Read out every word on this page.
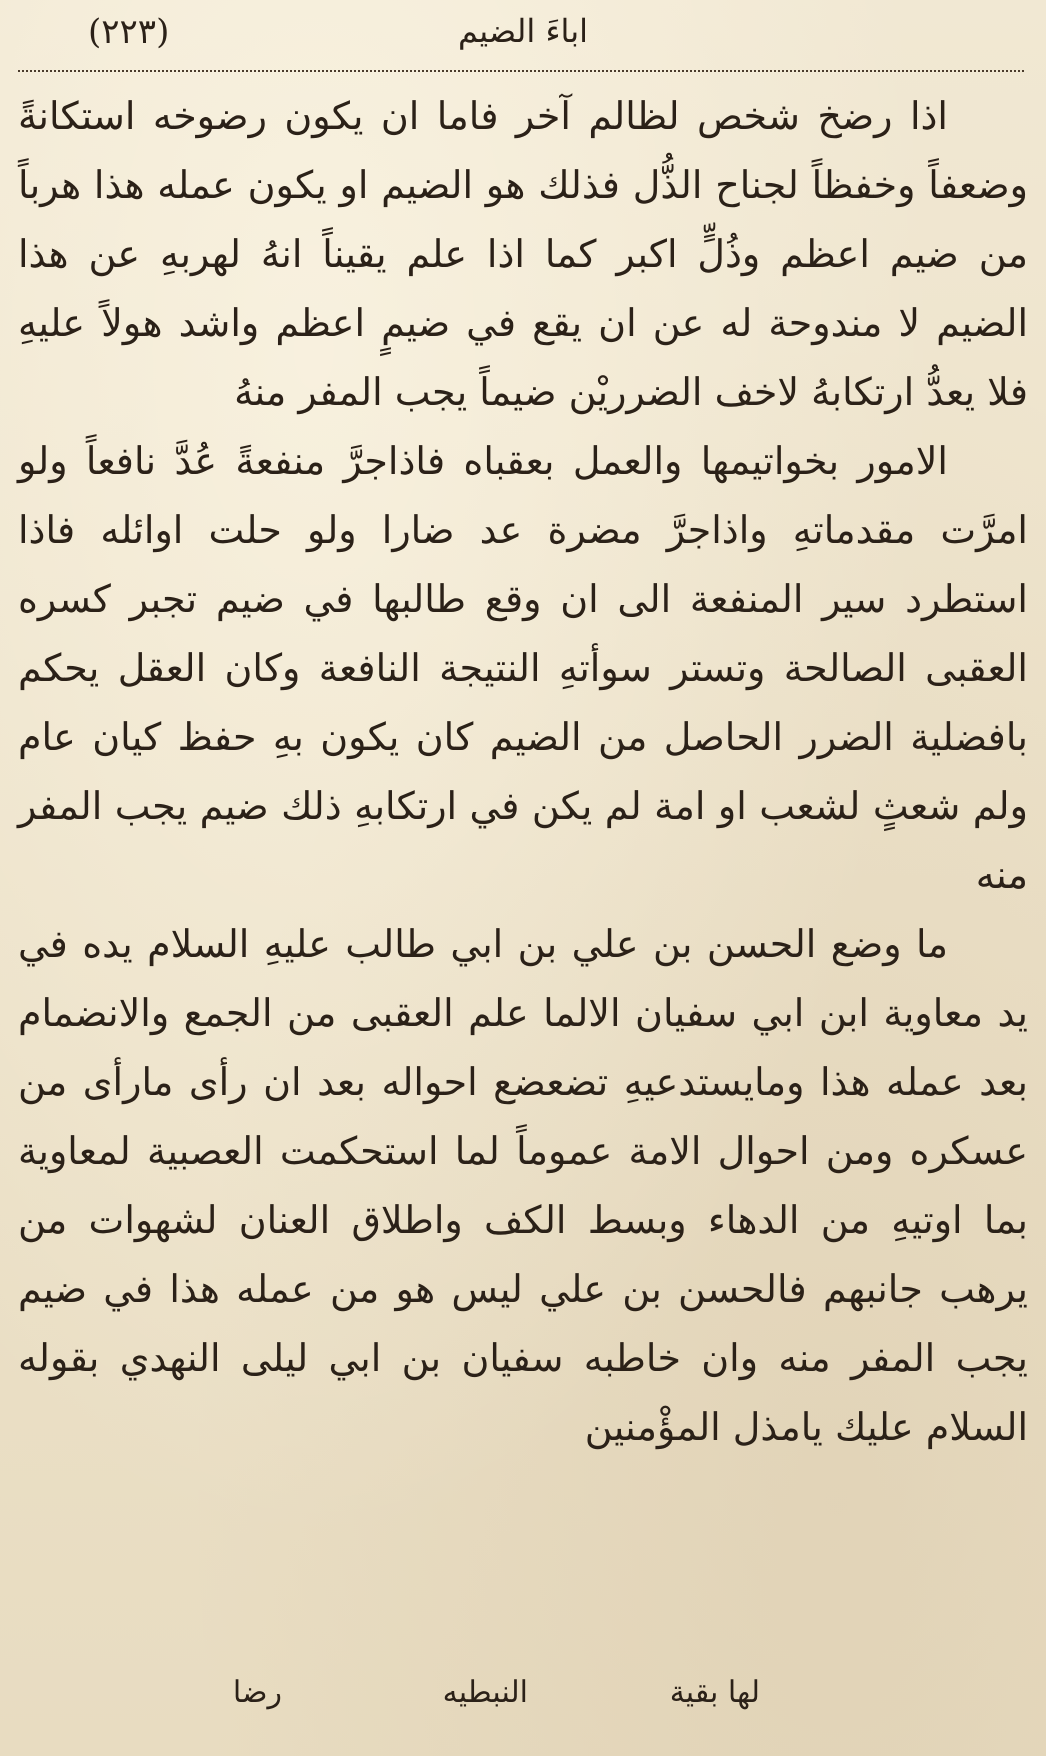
(٢٢٣)	اباءَ الضيم

اذا رضخ شخص لظالم آخر فاما ان يكون رضوخه استكانةً وضعفاً وخفظاً لجناح الذُّل فذلك هو الضيم او يكون عمله هذا هرباً من ضيم اعظم وذُلٍّ اكبر كما اذا علم يقيناً انهُ لهربهِ عن هذا الضيم لا مندوحة له عن ان يقع في ضيمٍ اعظم واشد هولاً عليهِ فلا يعدُّ ارتكابهُ لاخف الضرريْن ضيماً يجب المفر منهُ

الامور بخواتيمها والعمل بعقباه فاذاجرَّ منفعةً عُدَّ نافعاً ولو امرَّت مقدماتهِ واذاجرَّ مضرة عد ضارا ولو حلت اوائله فاذا استطرد سير المنفعة الى ان وقع طالبها في ضيم تجبر كسره العقبى الصالحة وتستر سوأتهِ النتيجة النافعة وكان العقل يحكم بافضلية الضرر الحاصل من الضيم كان يكون بهِ حفظ كيان عام ولم شعثٍ لشعب او امة لم يكن في ارتكابهِ ذلك ضيم يجب المفر منه

ما وضع الحسن بن علي بن ابي طالب عليهِ السلام يده في يد معاوية ابن ابي سفيان الالما علم العقبى من الجمع والانضمام بعد عمله هذا ومايستدعيهِ تضعضع احواله بعد ان رأى مارأى من عسكره ومن احوال الامة عموماً لما استحكمت العصبية لمعاوية بما اوتيهِ من الدهاء وبسط الكف واطلاق العنان لشهوات من يرهب جانبهم فالحسن بن علي ليس هو من عمله هذا في ضيم يجب المفر منه وان خاطبه سفيان بن ابي ليلى النهدي بقوله السلام عليك يامذل المؤْمنين

لها بقية
النبطيه
رضا
